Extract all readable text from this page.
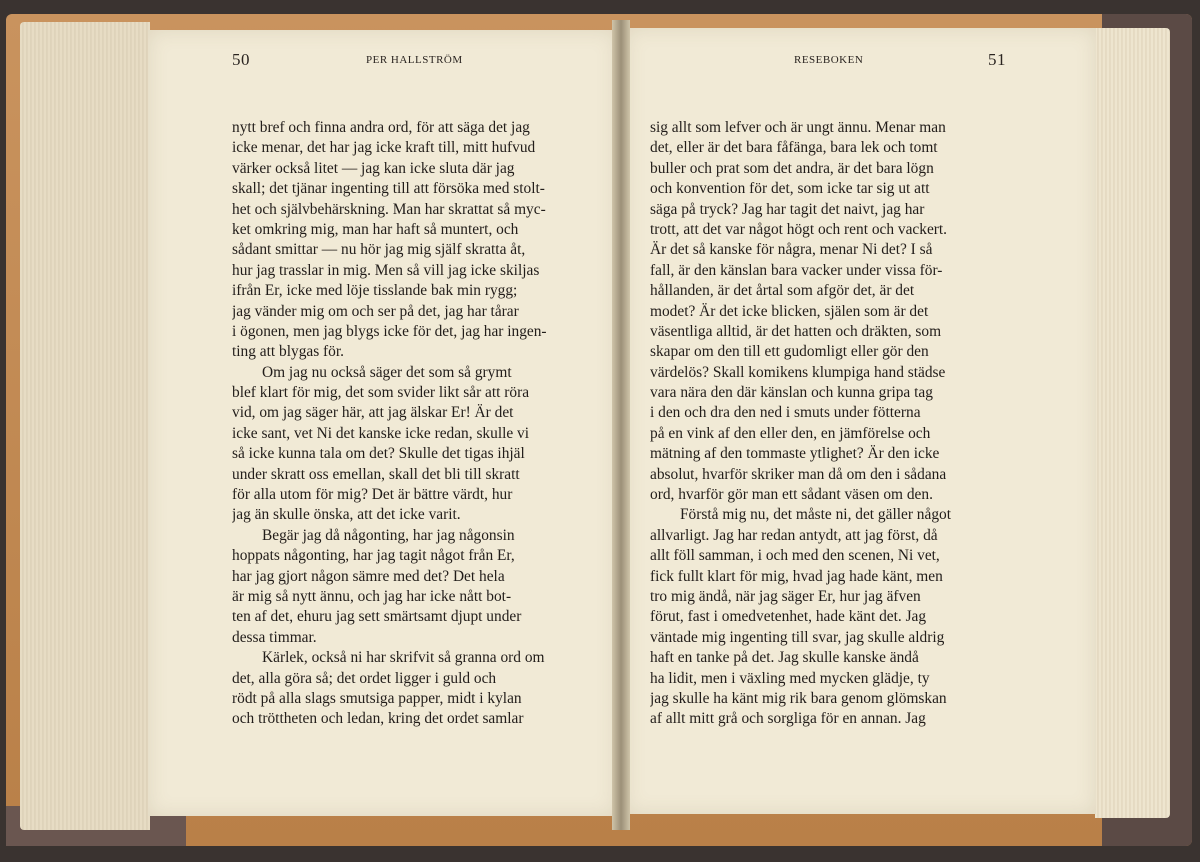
50	PER HALLSTRÖM	RESEBOKEN	51
nytt bref och finna andra ord, för att säga det jag
icke menar, det har jag icke kraft till, mitt hufvud
värker också litet — jag kan icke sluta där jag
skall; det tjänar ingenting till att försöka med stolt-
het och självbehärskning. Man har skrattat så myc-
ket omkring mig, man har haft så muntert, och
sådant smittar — nu hör jag mig själf skratta åt,
hur jag trasslar in mig. Men så vill jag icke skiljas
ifrån Er, icke med löje tisslande bak min rygg;
jag vänder mig om och ser på det, jag har tårar
i ögonen, men jag blygs icke för det, jag har ingen-
ting att blygas för.
Om jag nu också säger det som så grymt
blef klart för mig, det som svider likt sår att röra
vid, om jag säger här, att jag älskar Er! Är det
icke sant, vet Ni det kanske icke redan, skulle vi
så icke kunna tala om det? Skulle det tigas ihjäl
under skratt oss emellan, skall det bli till skratt
för alla utom för mig? Det är bättre värdt, hur
jag än skulle önska, att det icke varit.
Begär jag då någonting, har jag någonsin
hoppats någonting, har jag tagit något från Er,
har jag gjort någon sämre med det? Det hela
är mig så nytt ännu, och jag har icke nått bot-
ten af det, ehuru jag sett smärtsamt djupt under
dessa timmar.
Kärlek, också ni har skrifvit så granna ord om
det, alla göra så; det ordet ligger i guld och
rödt på alla slags smutsiga papper, midt i kylan
och tröttheten och ledan, kring det ordet samlar
sig allt som lefver och är ungt ännu. Menar man
det, eller är det bara fåfänga, bara lek och tomt
buller och prat som det andra, är det bara lögn
och konvention för det, som icke tar sig ut att
säga på tryck? Jag har tagit det naivt, jag har
trott, att det var något högt och rent och vackert.
Är det så kanske för några, menar Ni det? I så
fall, är den känslan bara vacker under vissa för-
hållanden, är det årtal som afgör det, är det
modet? Är det icke blicken, själen som är det
väsentliga alltid, är det hatten och dräkten, som
skapar om den till ett gudomligt eller gör den
värdelös? Skall komikens klumpiga hand städse
vara nära den där känslan och kunna gripa tag
i den och dra den ned i smuts under fötterna
på en vink af den eller den, en jämförelse och
mätning af den tommaste ytlighet? Är den icke
absolut, hvarför skriker man då om den i sådana
ord, hvarför gör man ett sådant väsen om den.
Förstå mig nu, det måste ni, det gäller något
allvarligt. Jag har redan antydt, att jag först, då
allt föll samman, i och med den scenen, Ni vet,
fick fullt klart för mig, hvad jag hade känt, men
tro mig ändå, när jag säger Er, hur jag äfven
förut, fast i omedvetenhet, hade känt det. Jag
väntade mig ingenting till svar, jag skulle aldrig
haft en tanke på det. Jag skulle kanske ändå
ha lidit, men i växling med mycken glädje, ty
jag skulle ha känt mig rik bara genom glömskan
af allt mitt grå och sorgliga för en annan. Jag
